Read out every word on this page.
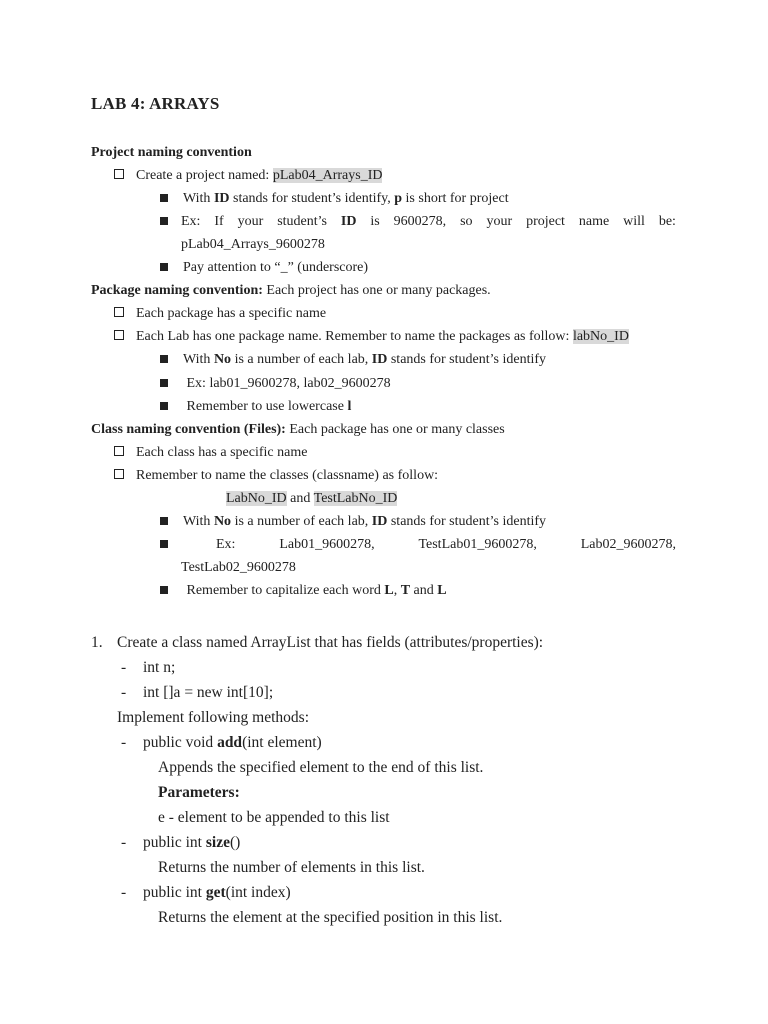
LAB 4: ARRAYS
Project naming convention
Create a project named: pLab04_Arrays_ID
With ID stands for student’s identify, p is short for project
Ex: If your student’s ID is 9600278, so your project name will be:
pLab04_Arrays_9600278
Pay attention to “_” (underscore)
Package naming convention: Each project has one or many packages.
Each package has a specific name
Each Lab has one package name. Remember to name the packages as follow: labNo_ID
With No is a number of each lab, ID stands for student’s identify
Ex: lab01_9600278, lab02_9600278
Remember to use lowercase l
Class naming convention (Files): Each package has one or many classes
Each class has a specific name
Remember to name the classes (classname) as follow:
LabNo_ID and TestLabNo_ID
With No is a number of each lab, ID stands for student’s identify
Ex:	Lab01_9600278,	TestLab01_9600278,	Lab02_9600278,
TestLab02_9600278
Remember to capitalize each word L, T and L
1. Create a class named ArrayList that has fields (attributes/properties):
- int n;
- int []a = new int[10];
Implement following methods:
- public void add(int element)
Appends the specified element to the end of this list.
Parameters:
e - element to be appended to this list
- public int size()
Returns the number of elements in this list.
- public int get(int index)
Returns the element at the specified position in this list.
